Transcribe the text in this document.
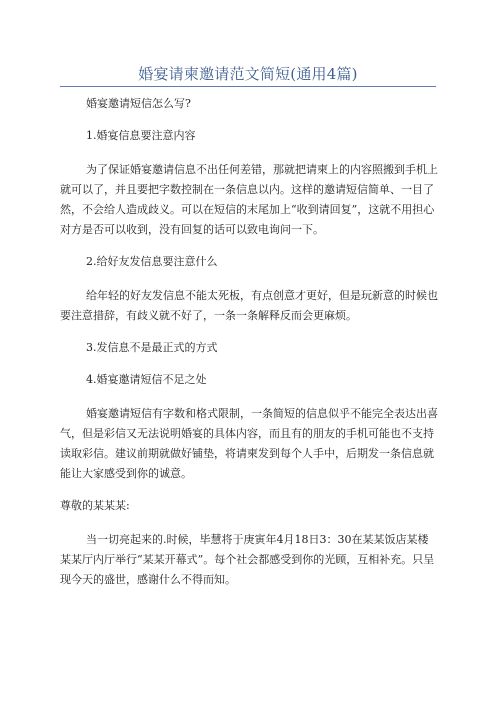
婚宴请柬邀请范文简短(通用4篇)

婚宴邀请短信怎么写?

1.婚宴信息要注意内容

为了保证婚宴邀请信息不出任何差错，那就把请柬上的内容照搬到手机上就可以了，并且要把字数控制在一条信息以内。这样的邀请短信简单、一目了然，不会给人造成歧义。可以在短信的末尾加上“收到请回复”，这就不用担心对方是否可以收到，没有回复的话可以致电询问一下。

2.给好友发信息要注意什么

给年轻的好友发信息不能太死板，有点创意才更好，但是玩新意的时候也要注意措辞，有歧义就不好了，一条一条解释反而会更麻烦。

3.发信息不是最正式的方式

4.婚宴邀请短信不足之处

婚宴邀请短信有字数和格式限制，一条简短的信息似乎不能完全表达出喜气，但是彩信又无法说明婚宴的具体内容，而且有的朋友的手机可能也不支持读取彩信。建议前期就做好铺垫，将请柬发到每个人手中，后期发一条信息就能让大家感受到你的诚意。

尊敬的某某某:

当一切亮起来的.时候，毕慧将于庚寅年4月18日3：30在某某饭店某楼某某厅内厅举行“某某开幕式”。每个社会都感受到你的光顾，互相补充。只呈现今天的盛世，感谢什么不得而知。
